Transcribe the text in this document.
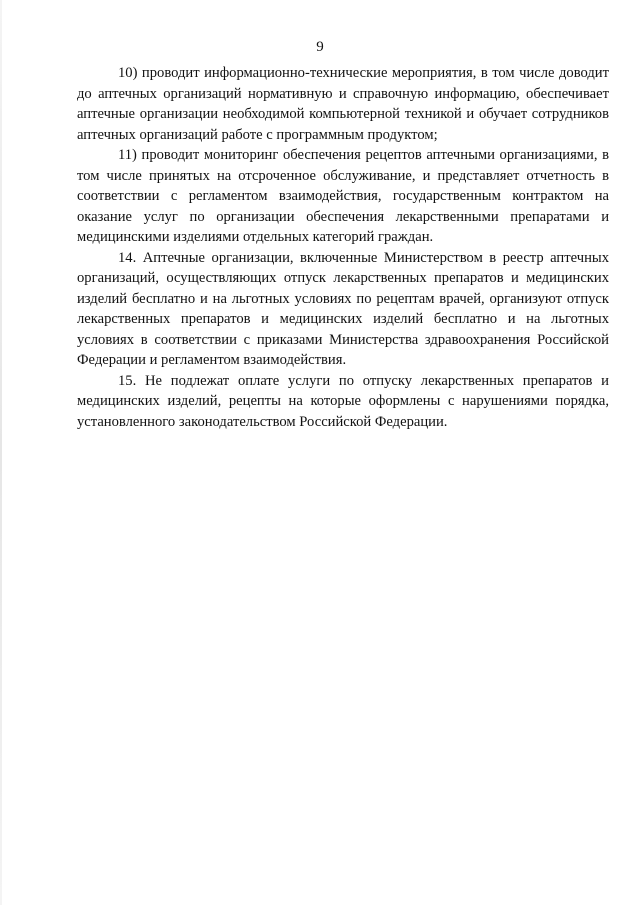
9

10) проводит информационно-технические мероприятия, в том числе доводит до аптечных организаций нормативную и справочную информацию, обеспечивает аптечные организации необходимой компьютерной техникой и обучает сотрудников аптечных организаций работе с программным продуктом;

11) проводит мониторинг обеспечения рецептов аптечными организациями, в том числе принятых на отсроченное обслуживание, и представляет отчетность в соответствии с регламентом взаимодействия, государственным контрактом на оказание услуг по организации обеспечения лекарственными препаратами и медицинскими изделиями отдельных категорий граждан.

14. Аптечные организации, включенные Министерством в реестр аптечных организаций, осуществляющих отпуск лекарственных препаратов и медицинских изделий бесплатно и на льготных условиях по рецептам врачей, организуют отпуск лекарственных препаратов и медицинских изделий бесплатно и на льготных условиях в соответствии с приказами Министерства здравоохранения Российской Федерации и регламентом взаимодействия.

15. Не подлежат оплате услуги по отпуску лекарственных препаратов и медицинских изделий, рецепты на которые оформлены с нарушениями порядка, установленного законодательством Российской Федерации.
